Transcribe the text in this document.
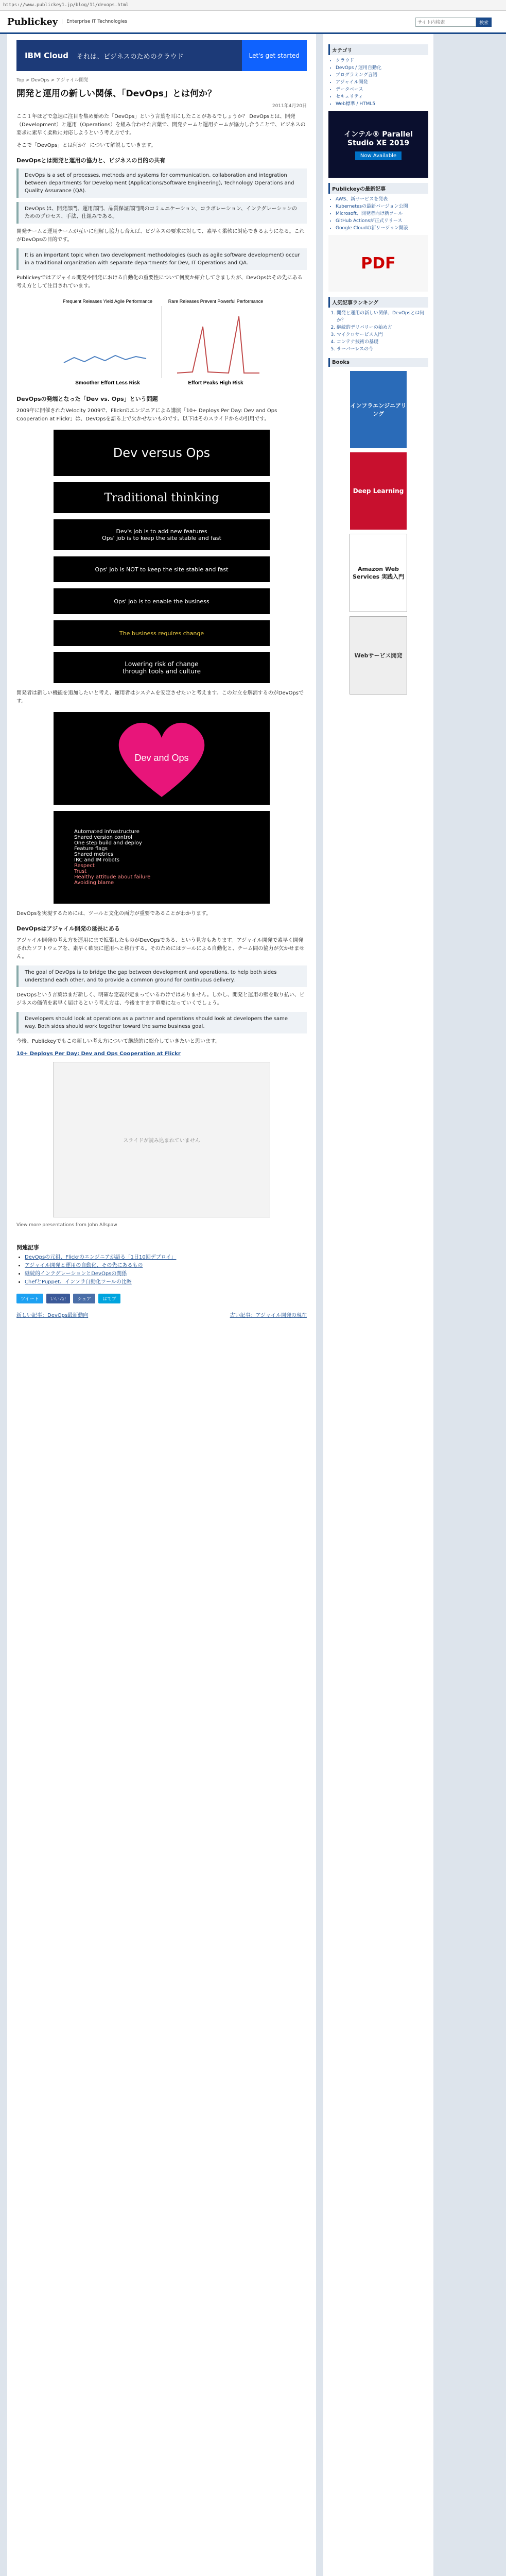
https://www.publickey1.jp/blog/11/devops.html
Publickey	Enterprise IT Technologies
サイト内検索	検索
IBM Cloud	それは、ビジネスのためのクラウド	Let's get started
Top > DevOps > アジャイル開発
開発と運用の新しい関係、「DevOps」とは何か？
2011年4月20日

ここ１年ほどで急速に注目を集め始めた「DevOps」という言葉を耳にしたことがあるでしょうか？ DevOpsとは、開発（Development）と運用（Operations）を組み合わせた言葉で、開発チームと運用チームが協力し合うことで、ビジネスの要求に素早く柔軟に対応しようという考え方です。

そこで「DevOps」とは何か？ について解説していきます。

DevOpsとは開発と運用の協力と、ビジネスの目的の共有
DevOps is a set of processes, methods and systems for communication, collaboration and integration between departments for Development (Applications/Software Engineering), Technology Operations and Quality Assurance (QA).
DevOps は、開発部門、運用部門、品質保証部門間のコミュニケーション、コラボレーション、インテグレーションのためのプロセス、手法、仕組みである。

開発チームと運用チームが互いに理解し協力し合えば、ビジネスの要求に対して、素早く柔軟に対応できるようになる。これがDevOpsの目的です。

It is an important topic when two development methodologies (such as agile software development) occur in a traditional organization with separate departments for Dev, IT Operations and QA.

Publickeyではアジャイル開発や開発における自動化の重要性について何度か紹介してきましたが、DevOpsはその先にある考え方として注目されています。

Frequent Releases Yield Agile Performance	Rare Releases Prevent Powerful Performance
Smoother Effort Less Risk	Effort Peaks High Risk
DevOpsの発端となった「Dev vs. Ops」という問題

2009年に開催されたVelocity 2009で、Flickrのエンジニアによる講演「10+ Deploys Per Day: Dev and Ops Cooperation at Flickr」は、DevOpsを語る上で欠かせないものです。以下はそのスライドからの引用です。

Dev versus Ops
Traditional thinking
Dev's job is to add new features
Ops' job is to keep the site stable and fast
Ops' job is NOT to keep the site stable and fast
Ops' job is to enable the business
The business requires change
Lowering risk of change
through tools and culture

開発者は新しい機能を追加したいと考え、運用者はシステムを安定させたいと考えます。この対立を解消するのがDevOpsです。

Dev and Ops
Automated infrastructure
Shared version control
One step build and deploy
Feature flags
Shared metrics
IRC and IM robots
Respect
Trust
Healthy attitude about failure
Avoiding blame

DevOpsを実現するためには、ツールと文化の両方が重要であることがわかります。

DevOpsはアジャイル開発の延長にある

アジャイル開発の考え方を運用にまで拡張したものがDevOpsである、という見方もあります。アジャイル開発で素早く開発されたソフトウェアを、素早く確実に運用へと移行する。そのためにはツールによる自動化と、チーム間の協力が欠かせません。

The goal of DevOps is to bridge the gap between development and operations, to help both sides understand each other, and to provide a common ground for continuous delivery.

DevOpsという言葉はまだ新しく、明確な定義が定まっているわけではありません。しかし、開発と運用の壁を取り払い、ビジネスの価値を素早く届けるという考え方は、今後ますます重要になっていくでしょう。

Developers should look at operations as a partner and operations should look at developers the same way. Both sides should work together toward the same business goal.

今後、Publickeyでもこの新しい考え方について継続的に紹介していきたいと思います。

10+ Deploys Per Day: Dev and Ops Cooperation at Flickr
スライドが読み込まれていません
View more presentations from John Allspaw
関連記事
• DevOpsの元祖、Flickrのエンジニアが語る「1日10回デプロイ」
• アジャイル開発と運用の自動化、その先にあるもの
• 継続的インテグレーションとDevOpsの関係
• ChefとPuppet、インフラ自動化ツールの比較
ツイート	いいね!	シェア	はてブ
新しい記事：DevOps最新動向	古い記事：アジャイル開発の現在
カテゴリ
• クラウド
• DevOps / 運用自動化
• プログラミング言語
• アジャイル開発
• データベース
• セキュリティ
• Web標準 / HTML5
インテル® Parallel Studio XE 2019
Now Available
Publickeyの最新記事
• AWS、新サービスを発表
• Kubernetesの最新バージョン公開
• Microsoft、開発者向け新ツール
• GitHub Actionsが正式リリース
• Google Cloudの新リージョン開設
PDF
人気記事ランキング
1. 開発と運用の新しい関係、DevOpsとは何か？
2. 継続的デリバリーの始め方
3. マイクロサービス入門
4. コンテナ技術の基礎
5. サーバーレスの今
Books
インフラエンジニアリング
Deep Learning
Amazon Web Services 実践入門
Webサービス開発
